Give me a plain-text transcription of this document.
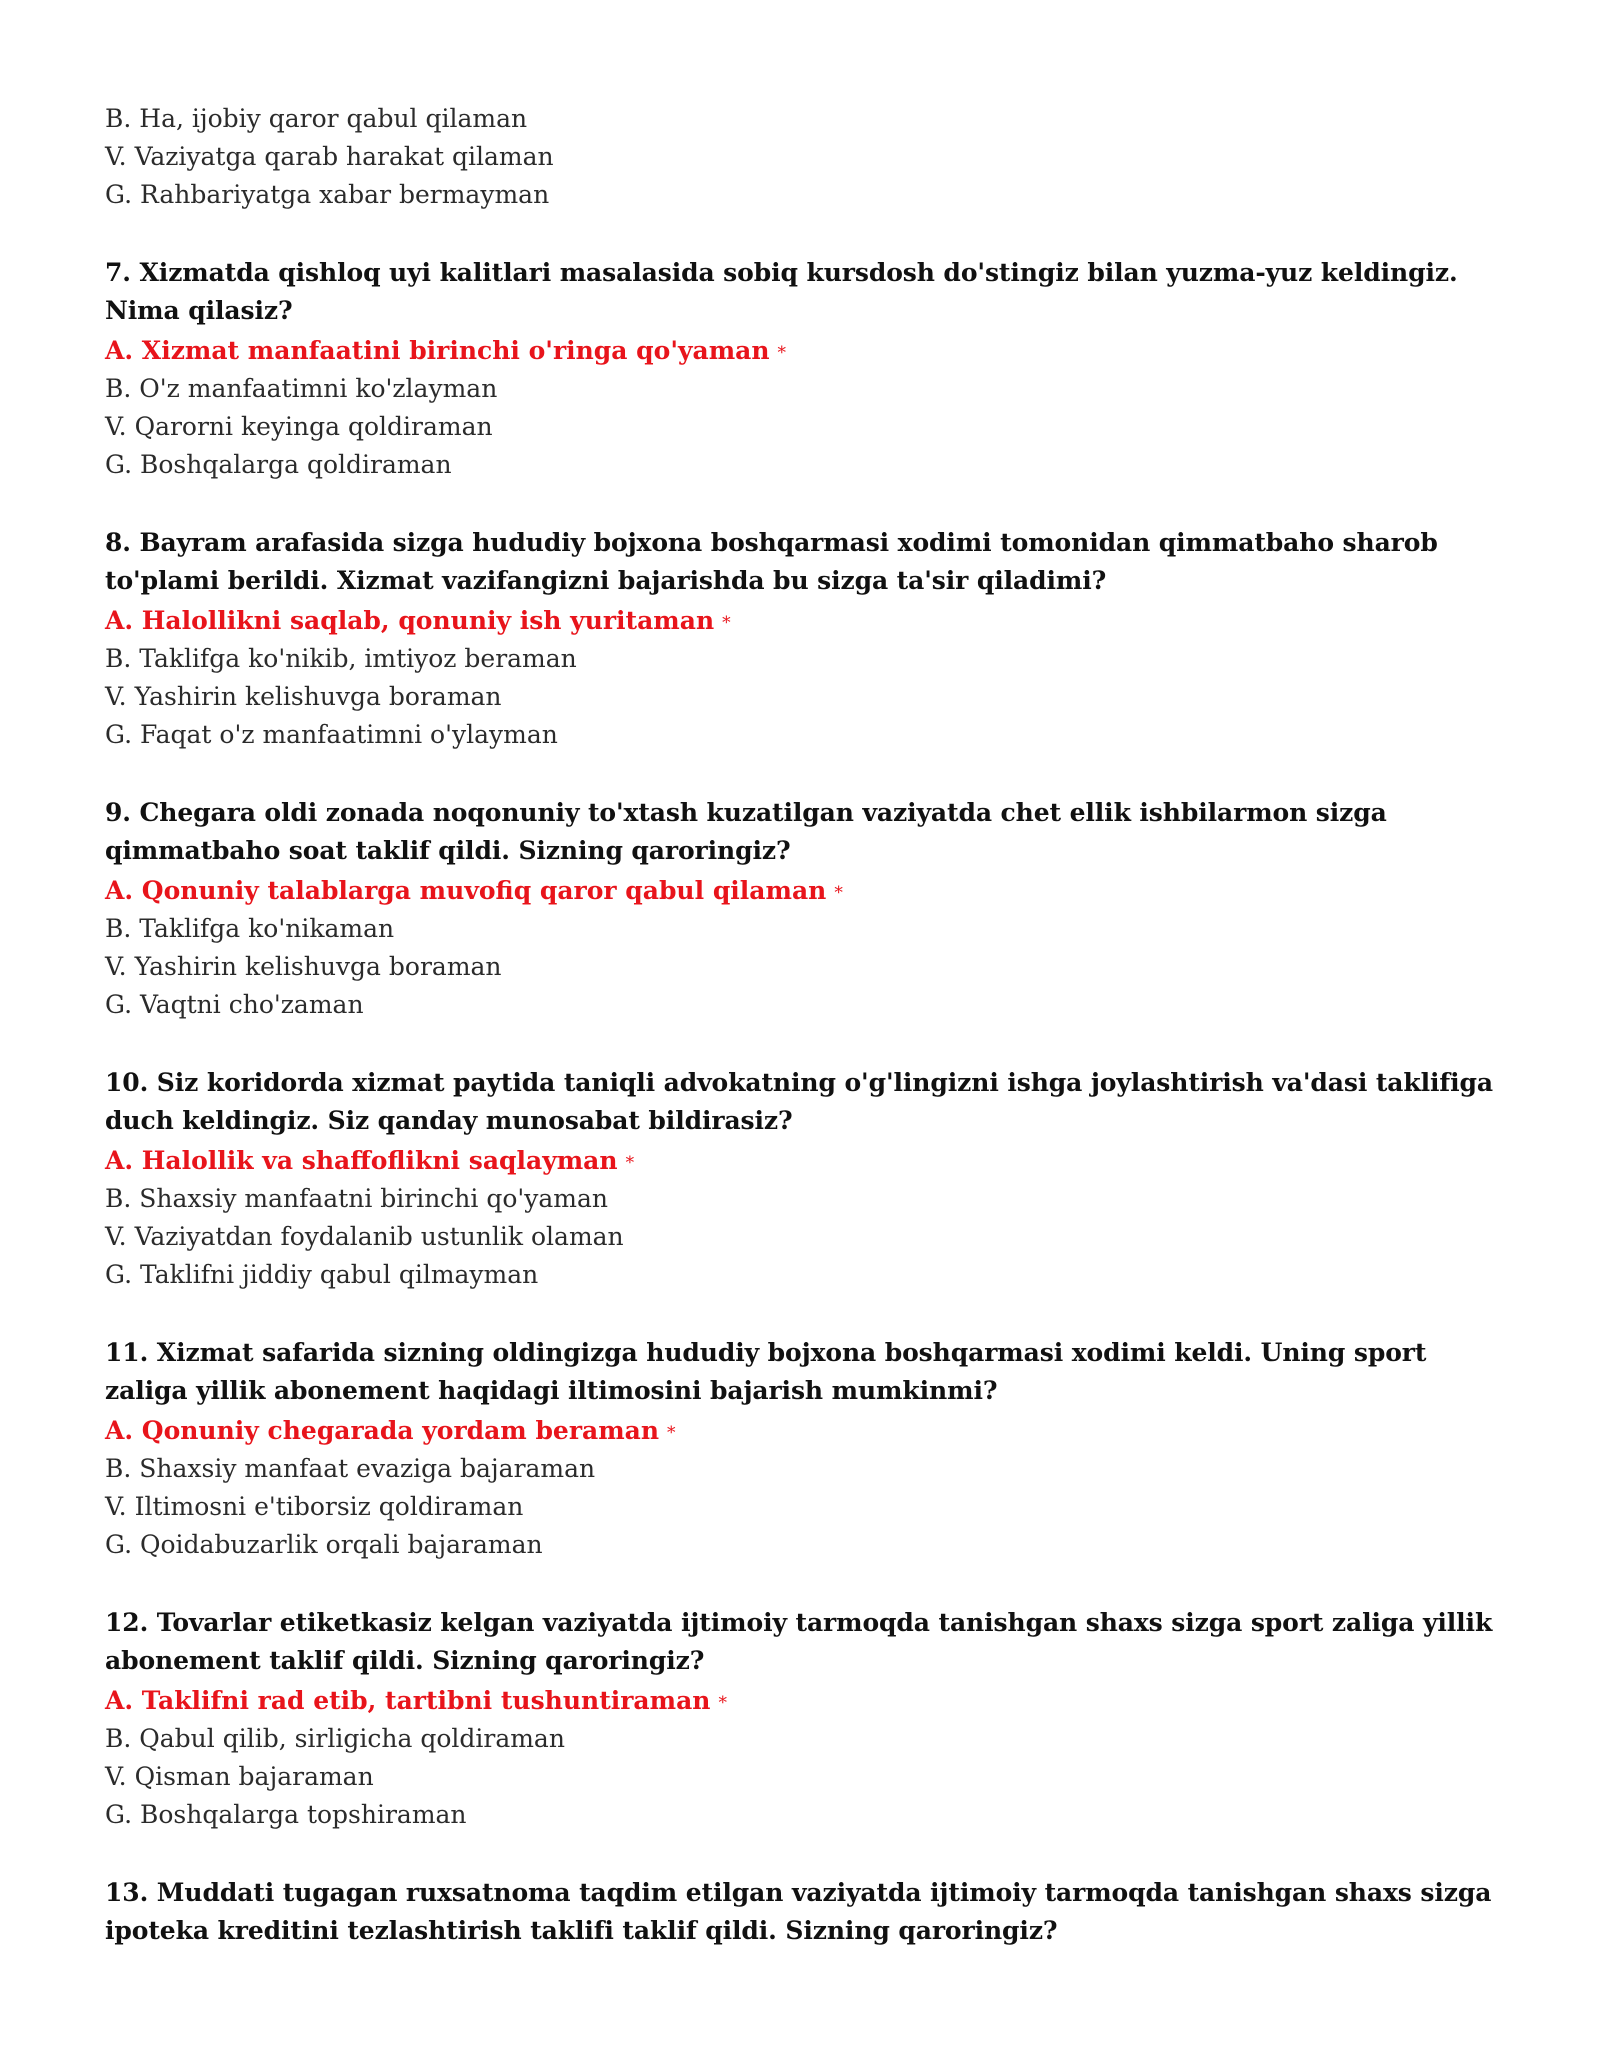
B. Ha, ijobiy qaror qabul qilaman
V. Vaziyatga qarab harakat qilaman
G. Rahbariyatga xabar bermayman
7. Xizmatda qishloq uyi kalitlari masalasida sobiq kursdosh do'stingiz bilan yuzma-yuz keldingiz. Nima qilasiz?
A. Xizmat manfaatini birinchi o'ringa qo'yaman *
B. O'z manfaatimni ko'zlayman
V. Qarorni keyinga qoldiraman
G. Boshqalarga qoldiraman
8. Bayram arafasida sizga hududiy bojxona boshqarmasi xodimi tomonidan qimmatbaho sharob to'plami berildi. Xizmat vazifangizni bajarishda bu sizga ta'sir qiladimi?
A. Halollikni saqlab, qonuniy ish yuritaman *
B. Taklifga ko'nikib, imtiyoz beraman
V. Yashirin kelishuvga boraman
G. Faqat o'z manfaatimni o'ylayman
9. Chegara oldi zonada noqonuniy to'xtash kuzatilgan vaziyatda chet ellik ishbilarmon sizga qimmatbaho soat taklif qildi. Sizning qaroringiz?
A. Qonuniy talablarga muvofiq qaror qabul qilaman *
B. Taklifga ko'nikaman
V. Yashirin kelishuvga boraman
G. Vaqtni cho'zaman
10. Siz koridorda xizmat paytida taniqli advokatning o'g'lingizni ishga joylashtirish va'dasi taklifiga duch keldingiz. Siz qanday munosabat bildirasiz?
A. Halollik va shaffoflikni saqlayman *
B. Shaxsiy manfaatni birinchi qo'yaman
V. Vaziyatdan foydalanib ustunlik olaman
G. Taklifni jiddiy qabul qilmayman
11. Xizmat safarida sizning oldingizga hududiy bojxona boshqarmasi xodimi keldi. Uning sport zaliga yillik abonement haqidagi iltimosini bajarish mumkinmi?
A. Qonuniy chegarada yordam beraman *
B. Shaxsiy manfaat evaziga bajaraman
V. Iltimosni e'tiborsiz qoldiraman
G. Qoidabuzarlik orqali bajaraman
12. Tovarlar etiketkasiz kelgan vaziyatda ijtimoiy tarmoqda tanishgan shaxs sizga sport zaliga yillik abonement taklif qildi. Sizning qaroringiz?
A. Taklifni rad etib, tartibni tushuntiraman *
B. Qabul qilib, sirligicha qoldiraman
V. Qisman bajaraman
G. Boshqalarga topshiraman
13. Muddati tugagan ruxsatnoma taqdim etilgan vaziyatda ijtimoiy tarmoqda tanishgan shaxs sizga ipoteka kreditini tezlashtirish taklifi taklif qildi. Sizning qaroringiz?
